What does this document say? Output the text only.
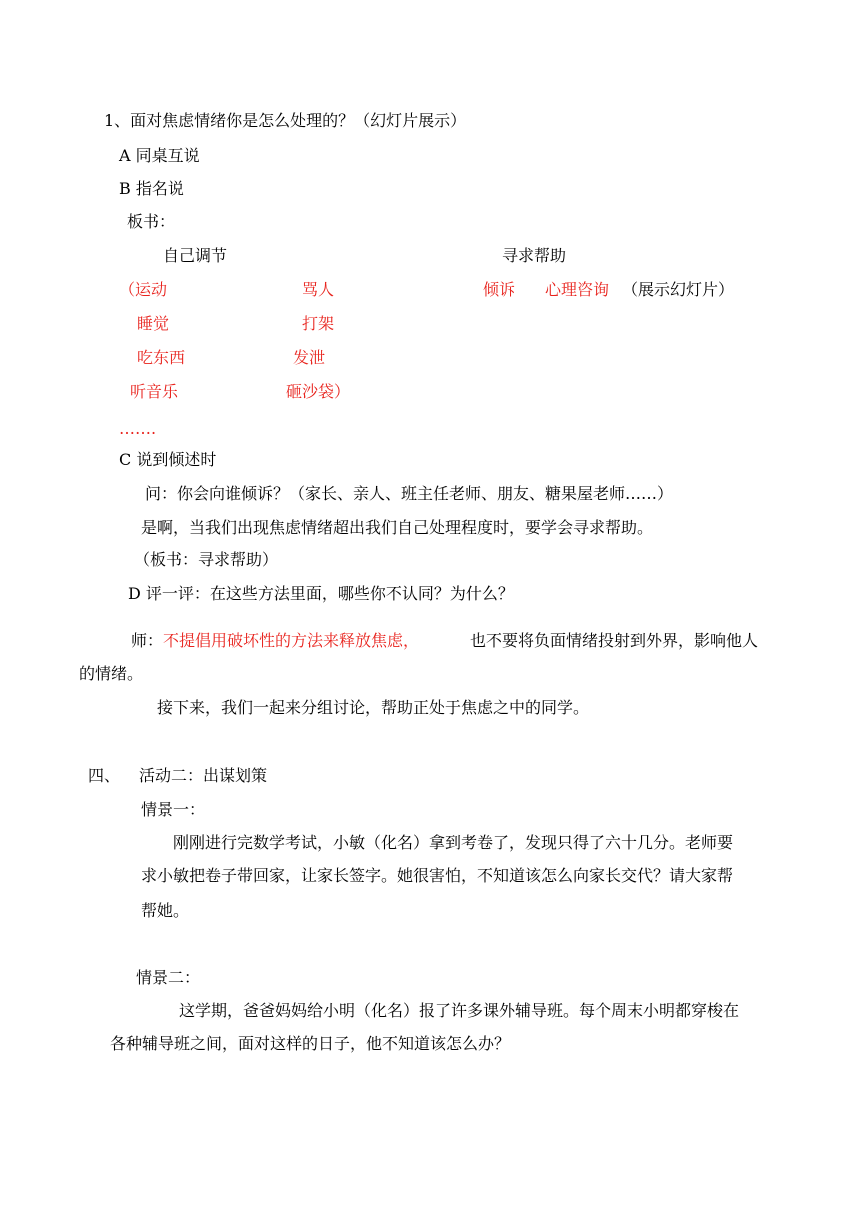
1、面对焦虑情绪你是怎么处理的？（幻灯片展示）
A 同桌互说
B 指名说
板书：
自己调节	寻求帮助
（运动	骂人	倾诉 心理咨询 （展示幻灯片）
睡觉	打架
吃东西	发泄
听音乐	砸沙袋）
…….
C 说到倾述时
问：你会向谁倾诉？（家长、亲人、班主任老师、朋友、糖果屋老师……）
是啊，当我们出现焦虑情绪超出我们自己处理程度时，要学会寻求帮助。
（板书：寻求帮助）
D 评一评：在这些方法里面，哪些你不认同？为什么？
师： 不提倡用破坏性的方法来释放焦虑，	也不要将负面情绪投射到外界，影响他人
的情绪。
接下来，我们一起来分组讨论，帮助正处于焦虑之中的同学。
四、 活动二：出谋划策
情景一：
刚刚进行完数学考试，小敏（化名）拿到考卷了，发现只得了六十几分。老师要
求小敏把卷子带回家，让家长签字。她很害怕，不知道该怎么向家长交代？请大家帮
帮她。
情景二：
这学期，爸爸妈妈给小明（化名）报了许多课外辅导班。每个周末小明都穿梭在
各种辅导班之间，面对这样的日子，他不知道该怎么办？
